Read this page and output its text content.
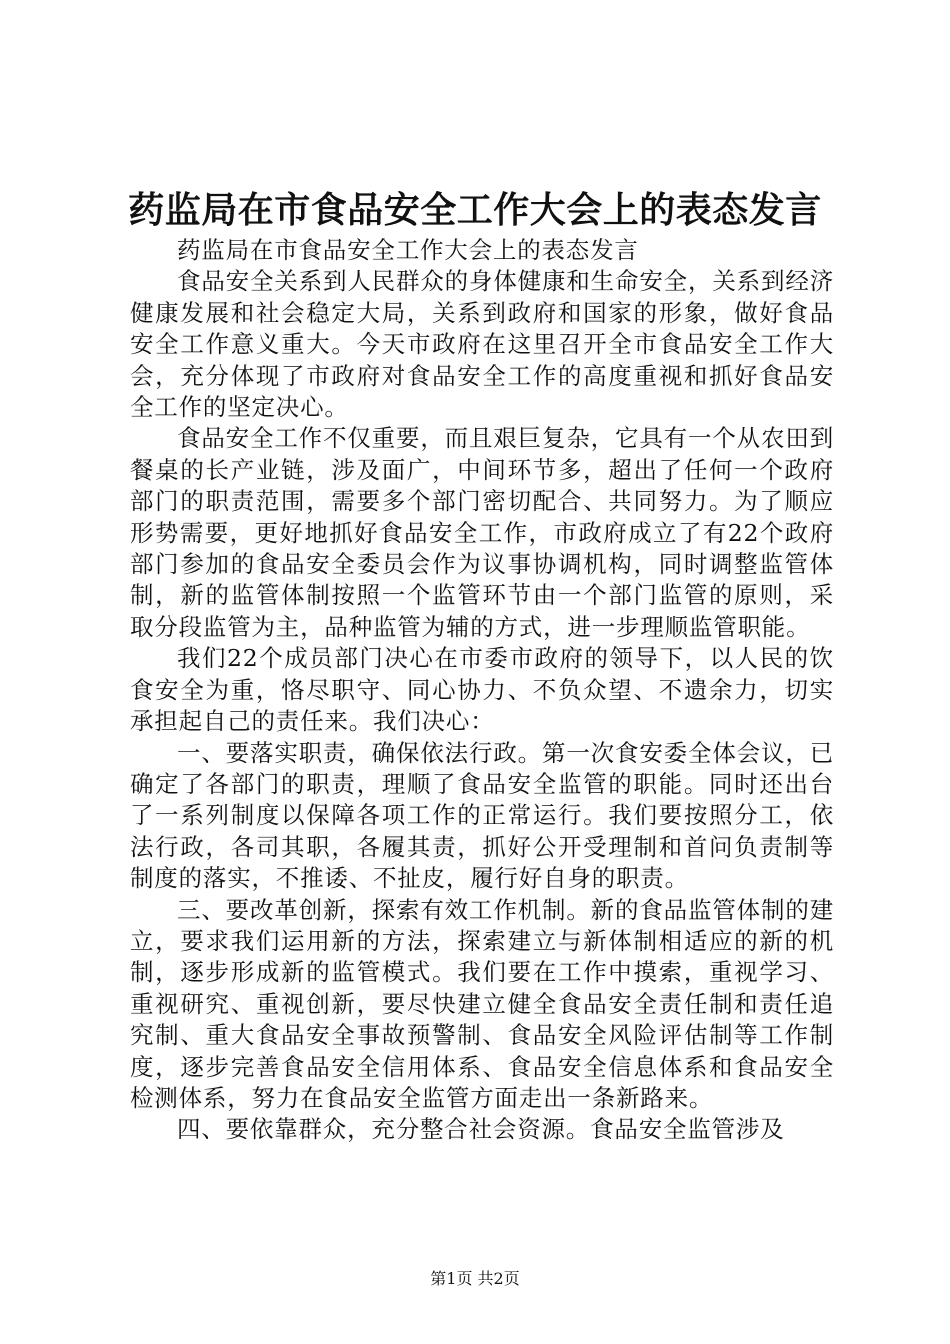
药监局在市食品安全工作大会上的表态发言

药监局在市食品安全工作大会上的表态发言

食品安全关系到人民群众的身体健康和生命安全，关系到经济健康发展和社会稳定大局，关系到政府和国家的形象，做好食品安全工作意义重大。今天市政府在这里召开全市食品安全工作大会，充分体现了市政府对食品安全工作的高度重视和抓好食品安全工作的坚定决心。

食品安全工作不仅重要，而且艰巨复杂，它具有一个从农田到餐桌的长产业链，涉及面广，中间环节多，超出了任何一个政府部门的职责范围，需要多个部门密切配合、共同努力。为了顺应形势需要，更好地抓好食品安全工作，市政府成立了有22个政府部门参加的食品安全委员会作为议事协调机构，同时调整监管体制，新的监管体制按照一个监管环节由一个部门监管的原则，采取分段监管为主，品种监管为辅的方式，进一步理顺监管职能。

我们22个成员部门决心在市委市政府的领导下，以人民的饮食安全为重，恪尽职守、同心协力、不负众望、不遗余力，切实承担起自己的责任来。我们决心：

一、要落实职责，确保依法行政。第一次食安委全体会议，已确定了各部门的职责，理顺了食品安全监管的职能。同时还出台了一系列制度以保障各项工作的正常运行。我们要按照分工，依法行政，各司其职，各履其责，抓好公开受理制和首问负责制等制度的落实，不推诿、不扯皮，履行好自身的职责。

三、要改革创新，探索有效工作机制。新的食品监管体制的建立，要求我们运用新的方法，探索建立与新体制相适应的新的机制，逐步形成新的监管模式。我们要在工作中摸索，重视学习、重视研究、重视创新，要尽快建立健全食品安全责任制和责任追究制、重大食品安全事故预警制、食品安全风险评估制等工作制度，逐步完善食品安全信用体系、食品安全信息体系和食品安全检测体系，努力在食品安全监管方面走出一条新路来。

四、要依靠群众，充分整合社会资源。食品安全监管涉及

第1页 共2页
